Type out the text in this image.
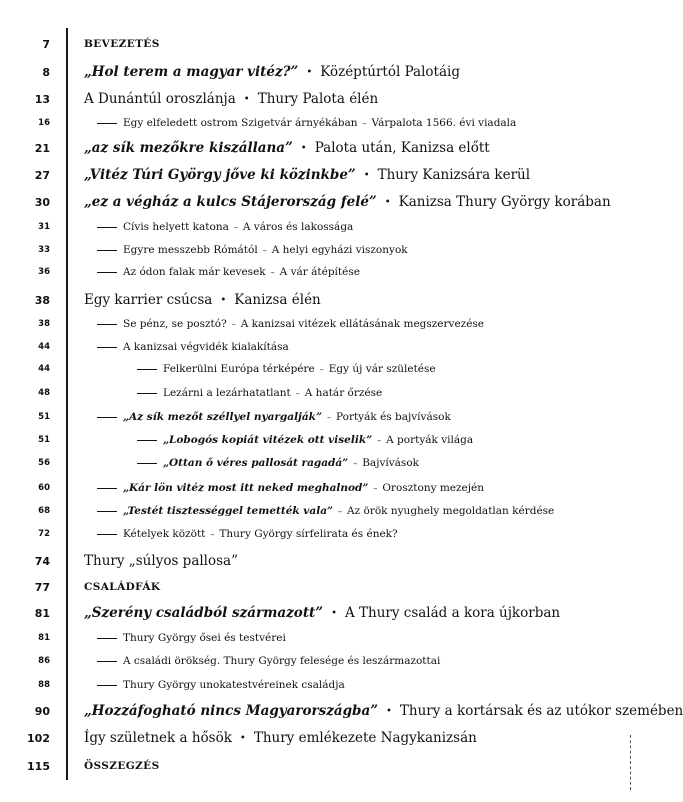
7	BEVEZETÉS
8	„Hol terem a magyar vitéz?” • Középtúrtól Palotáig
13	A Dunántúl oroszlánja • Thury Palota élén
16	Egy elfeledett ostrom Szigetvár árnyékában – Várpalota 1566. évi viadala
21	„az sík mezőkre kiszállana” • Palota után, Kanizsa előtt
27	„Vitéz Túri György jőve ki közinkbe” • Thury Kanizsára kerül
30	„ez a végház a kulcs Stájerország felé” • Kanizsa Thury György korában
31	Cívis helyett katona – A város és lakossága
33	Egyre messzebb Rómától – A helyi egyházi viszonyok
36	Az ódon falak már kevesek – A vár átépítése
38	Egy karrier csúcsa • Kanizsa élén
38	Se pénz, se posztó? – A kanizsai vitézek ellátásának megszervezése
44	A kanizsai végvidék kialakítása
44	Felkerülni Európa térképére – Egy új vár születése
48	Lezárni a lezárhatatlant – A határ őrzése
51	„Az sík mezőt széllyel nyargalják” – Portyák és bajvívások
51	„Lobogós kopiát vitézek ott viselik” – A portyák világa
56	„Ottan ő véres pallosát ragadá” – Bajvívások
60	„Kár lön vitéz most itt neked meghalnod” – Orosztony mezején
68	„Testét tisztességgel temették vala” – Az örök nyughely megoldatlan kérdése
72	Kételyek között – Thury György sírfelirata és ének?
74	Thury „súlyos pallosa”
77	CSALÁDFÁK
81	„Szerény családból származott” • A Thury család a kora újkorban
81	Thury György ősei és testvérei
86	A családi örökség. Thury György felesége és leszármazottai
88	Thury György unokatestvéreinek családja
90	„Hozzáfogható nincs Magyarországba” • Thury a kortársak és az utókor szemében
102	Így születnek a hősök • Thury emlékezete Nagykanizsán
115	ÖSSZEGZÉS
